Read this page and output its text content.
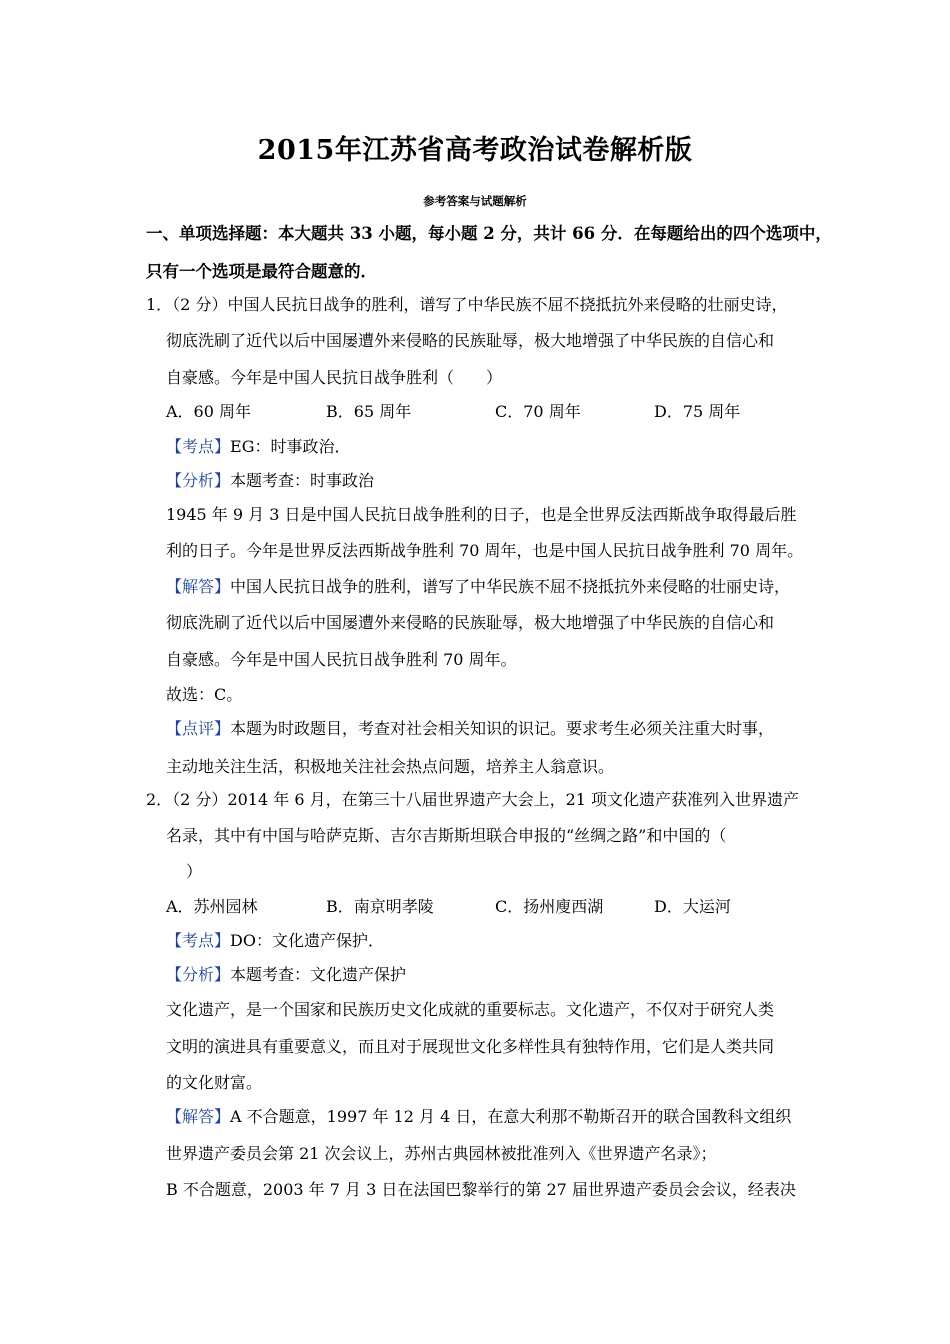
2015年江苏省高考政治试卷解析版
参考答案与试题解析
一、单项选择题：本大题共 33 小题，每小题 2 分，共计 66 分．在每题给出的四个选项中，
只有一个选项是最符合题意的．
1．（2 分）中国人民抗日战争的胜利，谱写了中华民族不屈不挠抵抗外来侵略的壮丽史诗，
彻底洗刷了近代以后中国屡遭外来侵略的民族耻辱，极大地增强了中华民族的自信心和
自豪感。今年是中国人民抗日战争胜利（　　）
A．60 周年	B．65 周年	C．70 周年	D．75 周年
【考点】EG：时事政治．
【分析】本题考查：时事政治
1945 年 9 月 3 日是中国人民抗日战争胜利的日子，也是全世界反法西斯战争取得最后胜
利的日子。今年是世界反法西斯战争胜利 70 周年，也是中国人民抗日战争胜利 70 周年。
【解答】中国人民抗日战争的胜利，谱写了中华民族不屈不挠抵抗外来侵略的壮丽史诗，
彻底洗刷了近代以后中国屡遭外来侵略的民族耻辱，极大地增强了中华民族的自信心和
自豪感。今年是中国人民抗日战争胜利 70 周年。
故选：C。
【点评】本题为时政题目，考查对社会相关知识的识记。要求考生必须关注重大时事，
主动地关注生活，积极地关注社会热点问题，培养主人翁意识。
2．（2 分）2014 年 6 月，在第三十八届世界遗产大会上，21 项文化遗产获准列入世界遗产
名录，其中有中国与哈萨克斯、吉尔吉斯斯坦联合申报的“丝绸之路”和中国的（
）
A．苏州园林	B．南京明孝陵	C．扬州廋西湖	D．大运河
【考点】DO：文化遗产保护．
【分析】本题考查：文化遗产保护
文化遗产，是一个国家和民族历史文化成就的重要标志。文化遗产，不仅对于研究人类
文明的演进具有重要意义，而且对于展现世文化多样性具有独特作用，它们是人类共同
的文化财富。
【解答】A 不合题意，1997 年 12 月 4 日，在意大利那不勒斯召开的联合国教科文组织
世界遗产委员会第 21 次会议上，苏州古典园林被批准列入《世界遗产名录》；
B 不合题意，2003 年 7 月 3 日在法国巴黎举行的第 27 届世界遗产委员会会议，经表决
